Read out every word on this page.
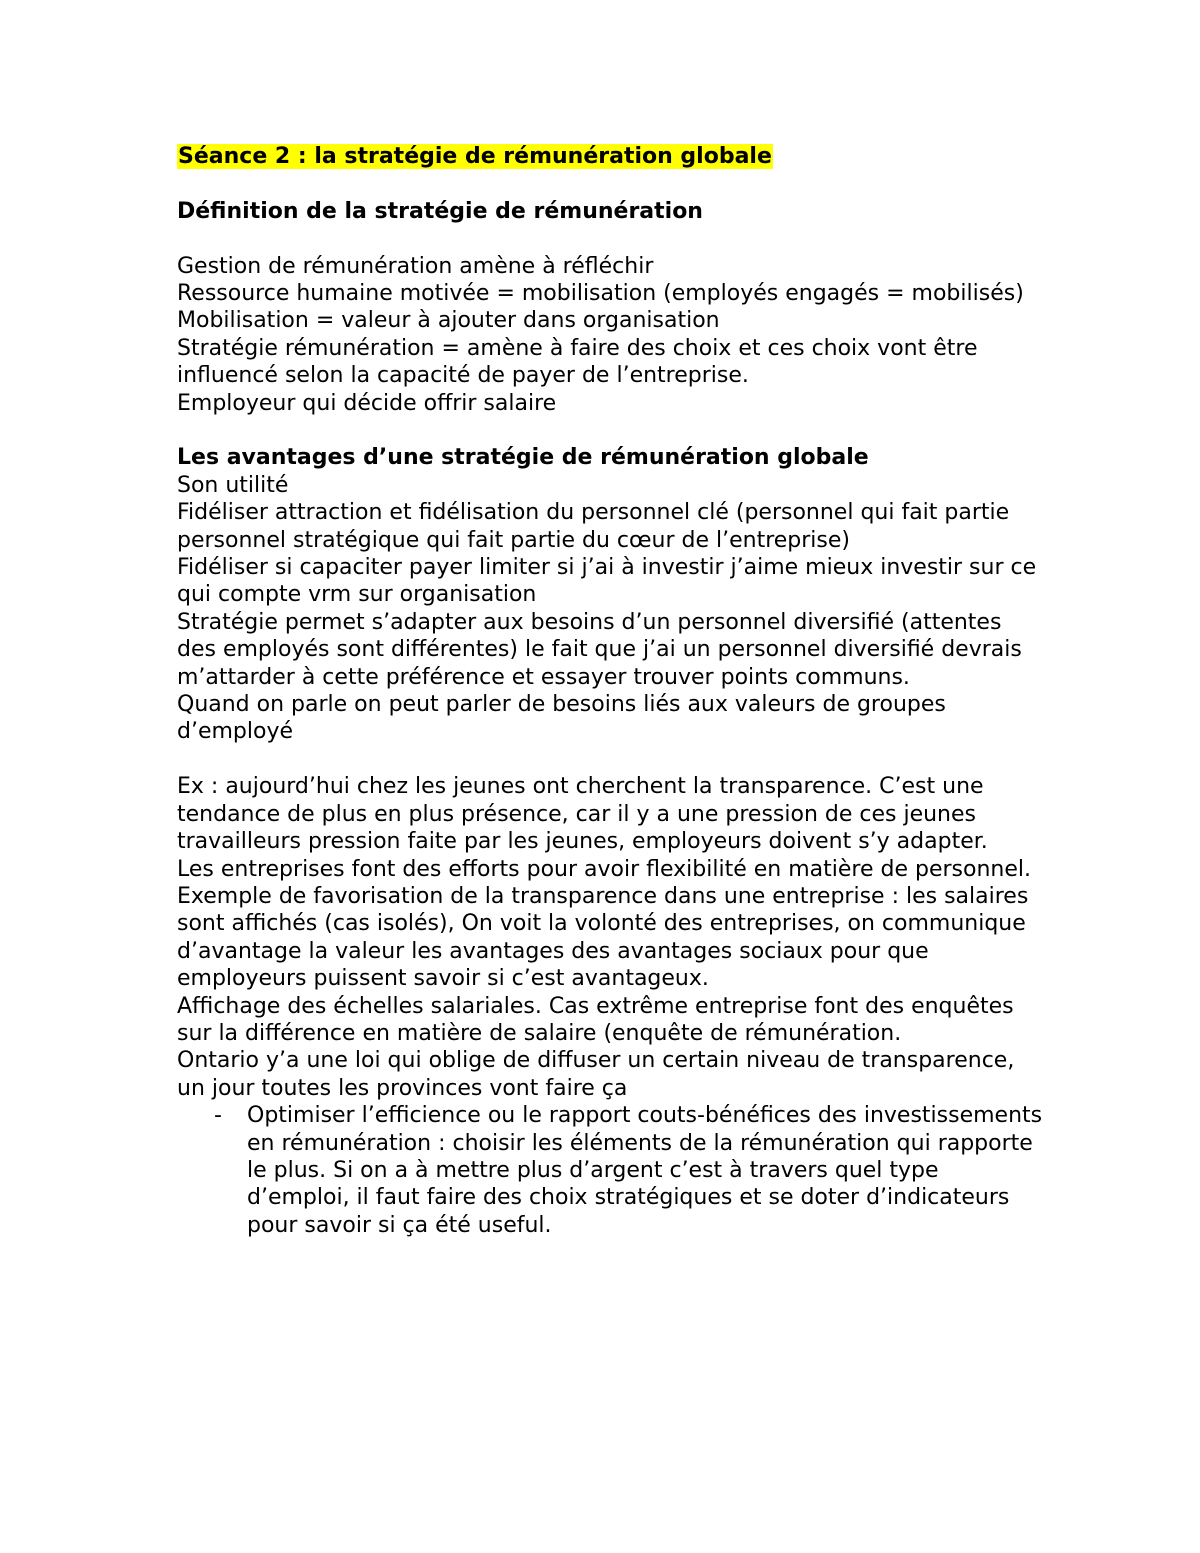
Séance 2 : la stratégie de rémunération globale

Définition de la stratégie de rémunération

Gestion de rémunération amène à réfléchir

Ressource humaine motivée = mobilisation (employés engagés = mobilisés)

Mobilisation = valeur à ajouter dans organisation

Stratégie rémunération = amène à faire des choix et ces choix vont être influencé selon la capacité de payer de l’entreprise.

Employeur qui décide offrir salaire

Les avantages d’une stratégie de rémunération globale

Son utilité

Fidéliser attraction et fidélisation du personnel clé (personnel qui fait partie personnel stratégique qui fait partie du cœur de l’entreprise)

Fidéliser si capaciter payer limiter si j’ai à investir j’aime mieux investir sur ce qui compte vrm sur organisation

Stratégie permet s’adapter aux besoins d’un personnel diversifié (attentes des employés sont différentes) le fait que j’ai un personnel diversifié devrais m’attarder à cette préférence et essayer trouver points communs.

Quand on parle on peut parler de besoins liés aux valeurs de groupes d’employé

Ex : aujourd’hui chez les jeunes ont cherchent la transparence. C’est une tendance de plus en plus présence, car il y a une pression de ces jeunes travailleurs pression faite par les jeunes, employeurs doivent s’y adapter.

Les entreprises font des efforts pour avoir flexibilité en matière de personnel.

Exemple de favorisation de la transparence dans une entreprise : les salaires sont affichés (cas isolés), On voit la volonté des entreprises, on communique d’avantage la valeur les avantages des avantages sociaux pour que employeurs puissent savoir si c’est avantageux.

Affichage des échelles salariales. Cas extrême entreprise font des enquêtes sur la différence en matière de salaire (enquête de rémunération.

Ontario y’a une loi qui oblige de diffuser un certain niveau de transparence, un jour toutes les provinces vont faire ça

- Optimiser l’efficience ou le rapport couts-bénéfices des investissements en rémunération : choisir les éléments de la rémunération qui rapporte le plus. Si on a à mettre plus d’argent c’est à travers quel type d’emploi, il faut faire des choix stratégiques et se doter d’indicateurs pour savoir si ça été useful.
